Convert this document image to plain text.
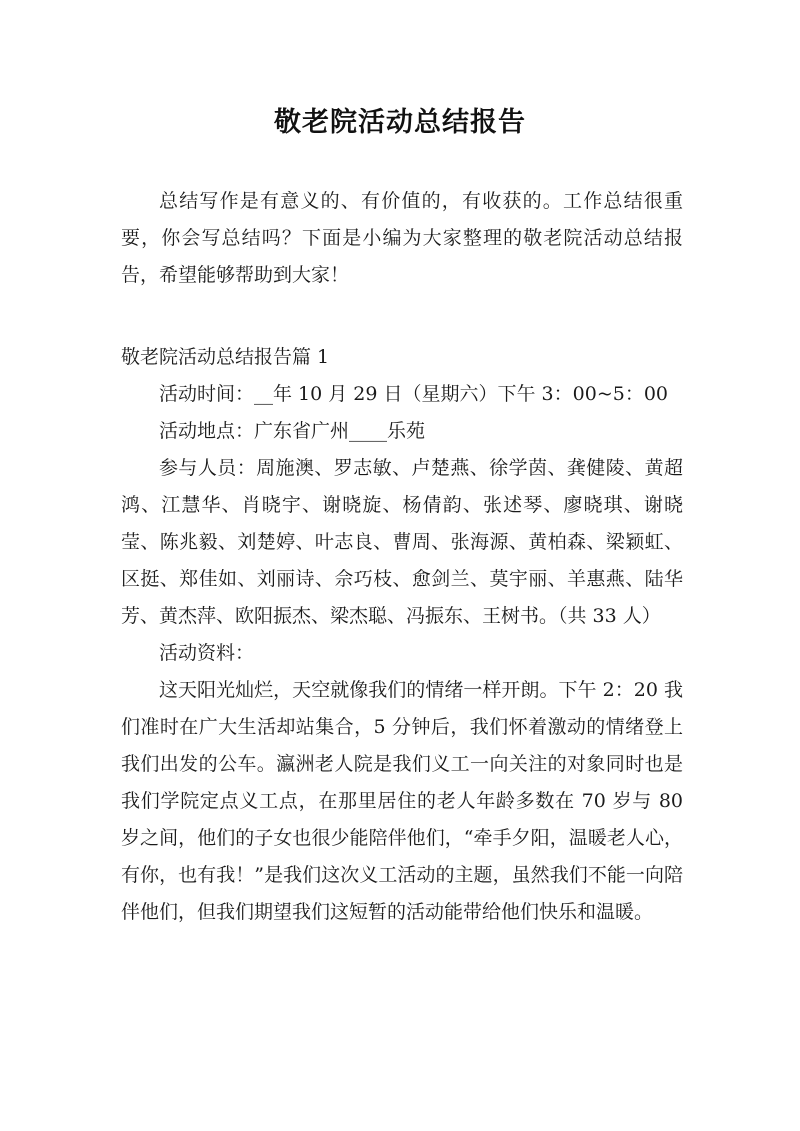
敬老院活动总结报告

总结写作是有意义的、有价值的，有收获的。工作总结很重要，你会写总结吗？下面是小编为大家整理的敬老院活动总结报告，希望能够帮助到大家！

敬老院活动总结报告篇 1

活动时间：__年 10 月 29 日（星期六）下午 3：00~5：00

活动地点：广东省广州____乐苑

参与人员：周施澳、罗志敏、卢楚燕、徐学茵、龚健陵、黄超鸿、江慧华、肖晓宇、谢晓旋、杨倩韵、张述琴、廖晓琪、谢晓莹、陈兆毅、刘楚婷、叶志良、曹周、张海源、黄柏森、梁颖虹、区挺、郑佳如、刘丽诗、佘巧枝、愈剑兰、莫宇丽、羊惠燕、陆华芳、黄杰萍、欧阳振杰、梁杰聪、冯振东、王树书。（共 33 人）

活动资料：

这天阳光灿烂，天空就像我们的情绪一样开朗。下午 2：20 我们准时在广大生活却站集合，5 分钟后，我们怀着激动的情绪登上我们出发的公车。瀛洲老人院是我们义工一向关注的对象同时也是我们学院定点义工点，在那里居住的老人年龄多数在 70 岁与 80 岁之间，他们的子女也很少能陪伴他们，“牵手夕阳，温暖老人心，有你，也有我！”是我们这次义工活动的主题，虽然我们不能一向陪伴他们，但我们期望我们这短暂的活动能带给他们快乐和温暖。
